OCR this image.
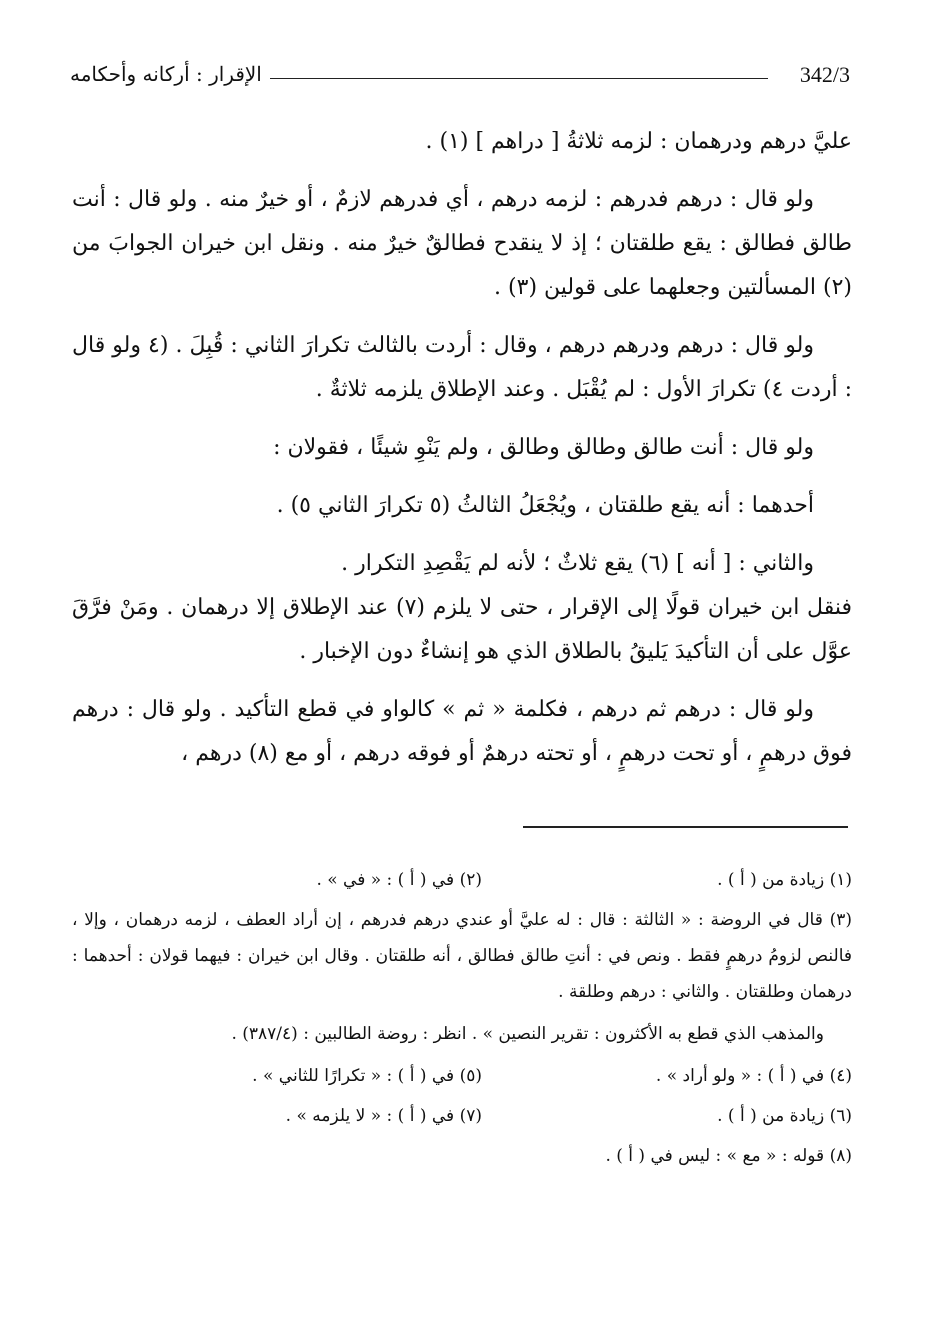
342/3
الإقرار : أركانه وأحكامه

عليَّ درهم ودرهمان : لزمه ثلاثةُ [ دراهم ] (١) .

ولو قال : درهم فدرهم : لزمه درهم ، أي فدرهم لازمٌ ، أو خيرٌ منه . ولو قال : أنت طالق فطالق : يقع طلقتان ؛ إذ لا ينقدح فطالقٌ خيرٌ منه . ونقل ابن خيران الجوابَ من (٢) المسألتين وجعلهما على قولين (٣) .

ولو قال : درهم ودرهم درهم ، وقال : أردت بالثالث تكرارَ الثاني : قُبِلَ . (٤ ولو قال : أردت ٤) تكرارَ الأول : لم يُقْبَل . وعند الإطلاق يلزمه ثلاثةٌ .

ولو قال : أنت طالق وطالق وطالق ، ولم يَنْوِ شيئًا ، فقولان :

أحدهما : أنه يقع طلقتان ، ويُجْعَلُ الثالثُ (٥ تكرارَ الثاني ٥) .

والثاني : [ أنه ] (٦) يقع ثلاثٌ ؛ لأنه لم يَقْصِدِ التكرار .

فنقل ابن خيران قولًا إلى الإقرار ، حتى لا يلزم (٧) عند الإطلاق إلا درهمان . ومَنْ فرَّقَ عوَّل على أن التأكيدَ يَليقُ بالطلاق الذي هو إنشاءٌ دون الإخبار .

ولو قال : درهم ثم درهم ، فكلمة « ثم » كالواو في قطع التأكيد . ولو قال : درهم فوق درهمٍ ، أو تحت درهمٍ ، أو تحته درهمٌ أو فوقه درهم ، أو مع (٨) درهم ،

(١) زيادة من ( أ ) .
(٢) في ( أ ) : « في » .
(٣) قال في الروضة : « الثالثة : قال : له عليَّ أو عندي درهم فدرهم ، إن أراد العطف ، لزمه درهمان ، وإلا ، فالنص لزومُ درهمٍ فقط . ونص في : أنتِ طالق فطالق ، أنه طلقتان . وقال ابن خيران : فيهما قولان : أحدهما : درهمان وطلقتان . والثاني : درهم وطلقة .
والمذهب الذي قطع به الأكثرون : تقرير النصين » . انظر : روضة الطالبين : (٣٨٧/٤) .
(٤) في ( أ ) : « ولو أراد » .
(٥) في ( أ ) : « تكرارًا للثاني » .
(٦) زيادة من ( أ ) .
(٧) في ( أ ) : « لا يلزمه » .
(٨) قوله : « مع » : ليس في ( أ ) .
